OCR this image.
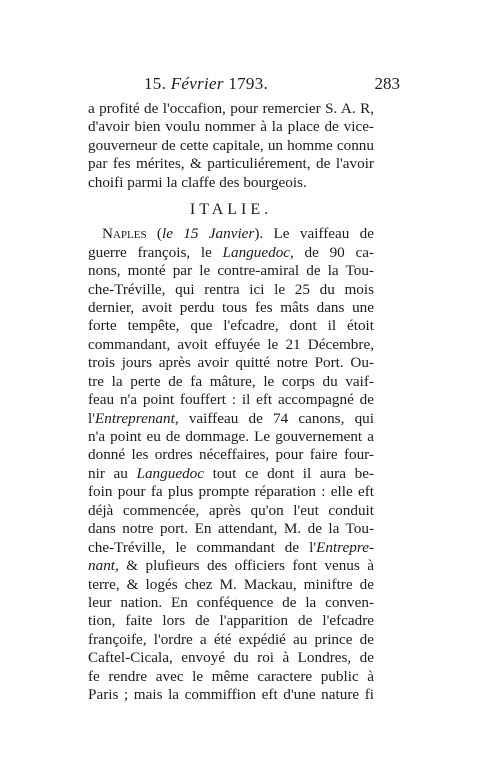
15. Février 1793.	283
a profité de l'occafion, pour remercier S. A. R,
d'avoir bien voulu nommer à la place de vice-
gouverneur de cette capitale, un homme connu
par fes mérites, & particuliérement, de l'avoir
choifi parmi la claffe des bourgeois.
ITALIE.
Naples (le 15 Janvier). Le vaiffeau de
guerre françois, le Languedoc, de 90 ca-
nons, monté par le contre-amiral de la Tou-
che-Tréville, qui rentra ici le 25 du mois
dernier, avoit perdu tous fes mâts dans une
forte tempête, que l'efcadre, dont il étoit
commandant, avoit effuyée le 21 Décembre,
trois jours après avoir quitté notre Port. Ou-
tre la perte de fa mâture, le corps du vaif-
feau n'a point fouffert : il eft accompagné de
l'Entreprenant, vaiffeau de 74 canons, qui
n'a point eu de dommage. Le gouvernement a
donné les ordres néceffaires, pour faire four-
nir au Languedoc tout ce dont il aura be-
foin pour fa plus prompte réparation : elle eft
déjà commencée, après qu'on l'eut conduit
dans notre port. En attendant, M. de la Tou-
che-Tréville, le commandant de l'Entrepre-
nant, & plufieurs des officiers font venus à
terre, & logés chez M. Mackau, miniftre de
leur nation. En conféquence de la conven-
tion, faite lors de l'apparition de l'efcadre
françoife, l'ordre a été expédié au prince de
Caftel-Cicala, envoyé du roi à Londres, de
fe rendre avec le même caractere public à
Paris ; mais la commiffion eft d'une nature fi
